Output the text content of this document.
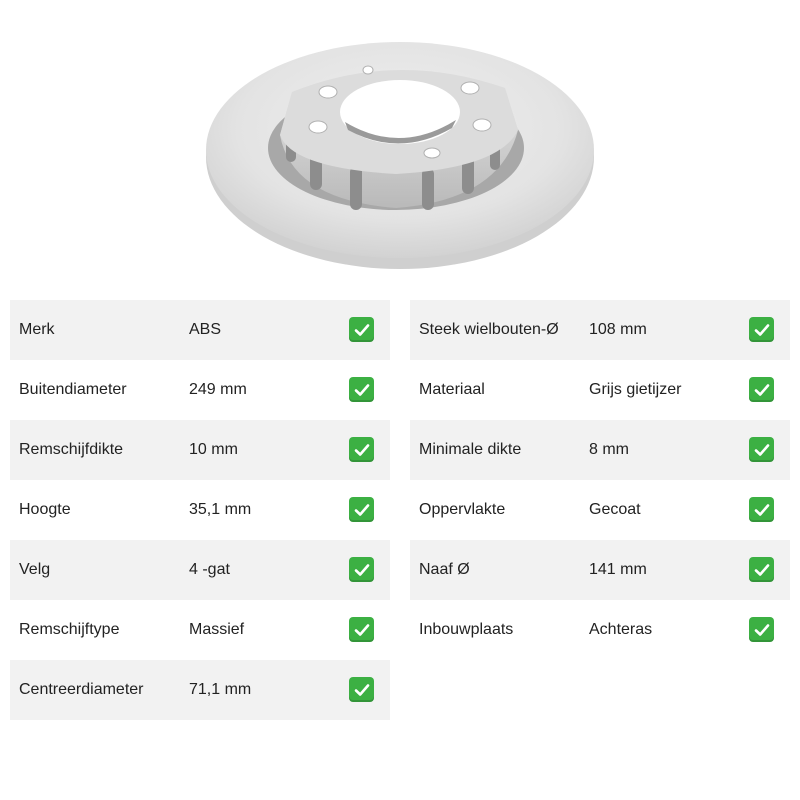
Merk	ABS
Buitendiameter	249 mm
Remschijfdikte	10 mm
Hoogte	35,1 mm
Velg	4 -gat
Remschijftype	Massief
Centreerdiameter	71,1 mm
Steek wielbouten-Ø 108 mm
Materiaal	Grijs gietijzer
Minimale dikte	8 mm
Oppervlakte	Gecoat
Naaf Ø	141 mm
Inbouwplaats	Achteras
